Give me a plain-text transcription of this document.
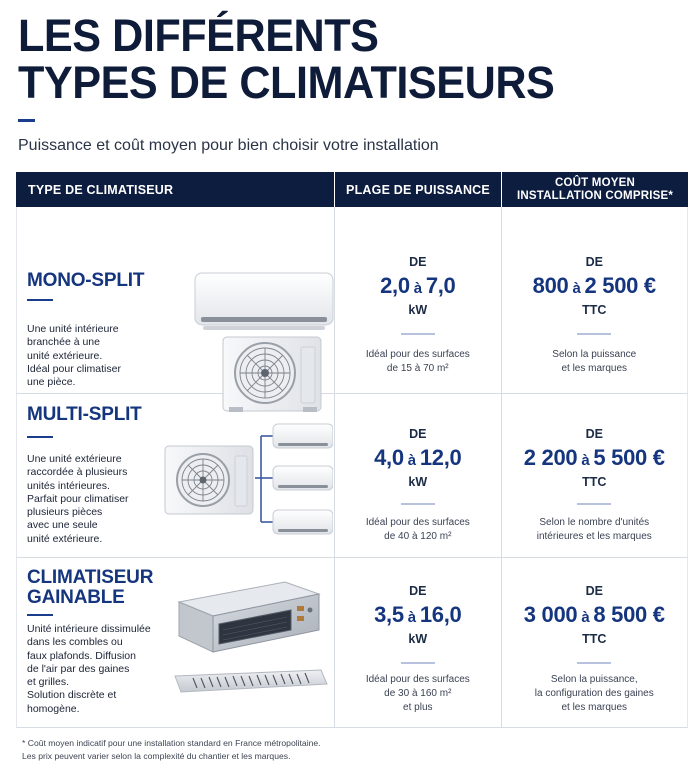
LES DIFFÉRENTS
TYPES DE CLIMATISEURS
Puissance et coût moyen pour bien choisir votre installation
TYPE DE CLIMATISEUR	PLAGE DE PUISSANCE	COÛT MOYEN
INSTALLATION COMPRISE*
MONO-SPLIT
Une unité intérieure
branchée à une
unité extérieure.
Idéal pour climatiser
une pièce.
DE
2,0 à 7,0
kW
Idéal pour des surfaces
de 15 à 70 m²
DE
800 à 2 500 €
TTC
Selon la puissance
et les marques
MULTI-SPLIT
Une unité extérieure
raccordée à plusieurs
unités intérieures.
Parfait pour climatiser
plusieurs pièces
avec une seule
unité extérieure.
DE
4,0 à 12,0
kW
Idéal pour des surfaces
de 40 à 120 m²
DE
2 200 à 5 500 €
TTC
Selon le nombre d'unités
intérieures et les marques
CLIMATISEUR
GAINABLE
Unité intérieure dissimulée
dans les combles ou
faux plafonds. Diffusion
de l'air par des gaines
et grilles.
Solution discrète et
homogène.
DE
3,5 à 16,0
kW
Idéal pour des surfaces
de 30 à 160 m²
et plus
DE
3 000 à 8 500 €
TTC
Selon la puissance,
la configuration des gaines
et les marques
* Coût moyen indicatif pour une installation standard en France métropolitaine.
Les prix peuvent varier selon la complexité du chantier et les marques.
